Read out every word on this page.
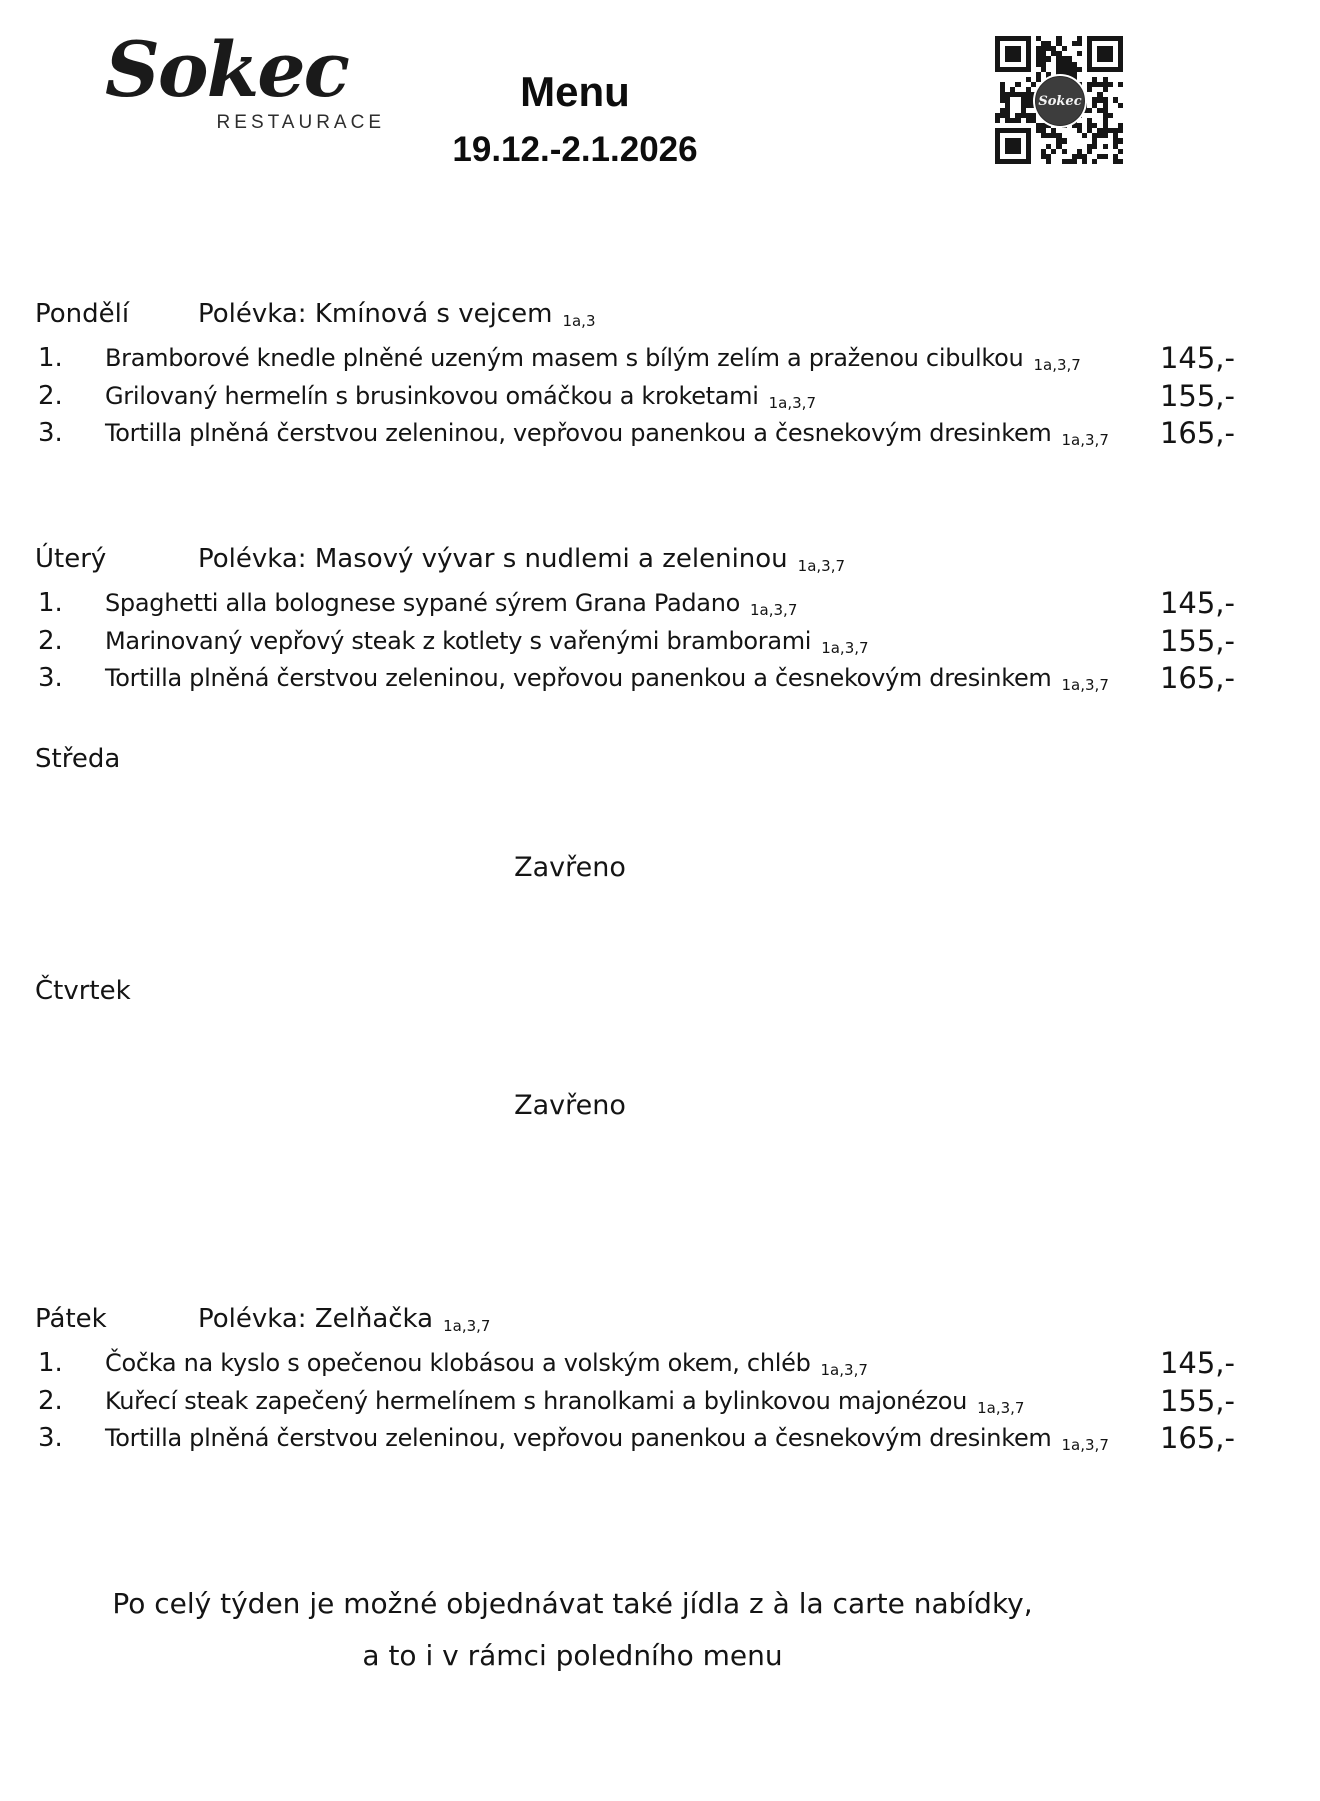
Sokec
RESTAURACE
Menu
19.12.-2.1.2026
Sokec
Pondělí	Polévka: Kmínová s vejcem 1a,3
1. Bramborové knedle plněné uzeným masem s bílým zelím a praženou cibulkou 1a,3,7	145,-
2. Grilovaný hermelín s brusinkovou omáčkou a kroketami 1a,3,7	155,-
3. Tortilla plněná čerstvou zeleninou, vepřovou panenkou a česnekovým dresinkem 1a,3,7	165,-
Úterý	Polévka: Masový vývar s nudlemi a zeleninou 1a,3,7
1. Spaghetti alla bolognese sypané sýrem Grana Padano 1a,3,7	145,-
2. Marinovaný vepřový steak z kotlety s vařenými bramborami 1a,3,7	155,-
3. Tortilla plněná čerstvou zeleninou, vepřovou panenkou a česnekovým dresinkem 1a,3,7	165,-
Středa
Zavřeno
Čtvrtek
Zavřeno
Pátek	Polévka: Zelňačka 1a,3,7
1. Čočka na kyslo s opečenou klobásou a volským okem, chléb 1a,3,7	145,-
2. Kuřecí steak zapečený hermelínem s hranolkami a bylinkovou majonézou 1a,3,7	155,-
3. Tortilla plněná čerstvou zeleninou, vepřovou panenkou a česnekovým dresinkem 1a,3,7	165,-
Po celý týden je možné objednávat také jídla z à la carte nabídky,
a to i v rámci poledního menu
